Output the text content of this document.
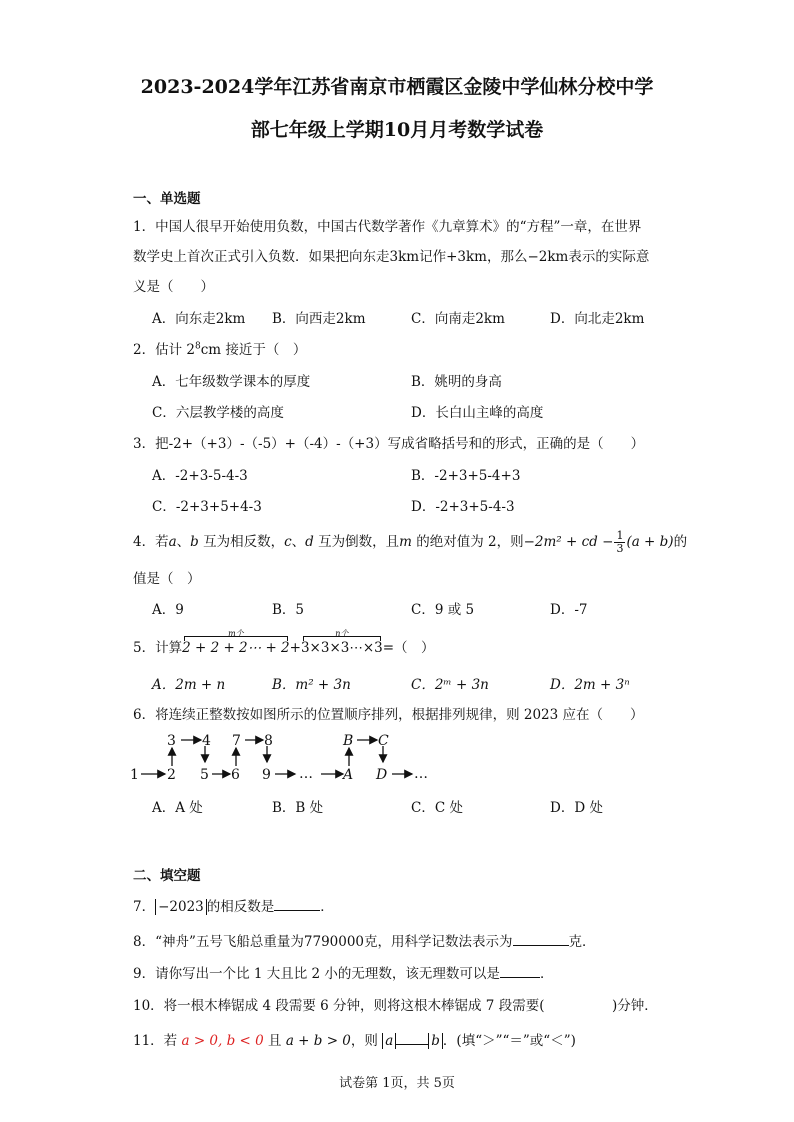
2023-2024学年江苏省南京市栖霞区金陵中学仙林分校中学
部七年级上学期10月月考数学试卷
一、单选题
1．中国人很早开始使用负数，中国古代数学著作《九章算术》的“方程”一章，在世界
数学史上首次正式引入负数．如果把向东走3km记作+3km，那么−2km表示的实际意
义是（　　）
A．向东走2km B．向西走2km	C．向南走2km	D．向北走2km
2．估计 $2^8cm$ 接近于（　）
A．七年级数学课本的厚度	B．姚明的身高
C．六层教学楼的高度	D．长白山主峰的高度
3．把-2+（+3）-（-5）+（-4）-（+3）写成省略括号和的形式，正确的是（　　）
A．-2+3-5-4-3	B．-2+3+5-4+3
C．-2+3+5+4-3	D．-2+3+5-4-3
4．若a、b 互为相反数，c、d 互为倒数，且m 的绝对值为 2，则−2m² + cd − $\frac{1}{3} (a + b)$的
值是（　）
A．9	B．5	C．9 或 5	D．-7
5．计算
m个
2 + 2 + 2⋯ + 2+
n个
3×3×3⋯×3=（　）
A．2m + n	B．m² + 3n	C．2ᵐ + 3n	D．2m + 3ⁿ
6．将连续正整数按如图所示的位置顺序排列，根据排列规律，则 2023 应在（　　）
1 2
3 4
5 6
7 8
9 … A
B C
D …
A．A 处	B．B 处	C．C 处	D．D 处
二、填空题
7． −2023 的相反数是	．
8．“神舟”五号飞船总重量为7790000克，用科学记数法表示为	克．
9．请你写出一个比 1 大且比 2 小的无理数，该无理数可以是	．
10．将一根木棒锯成 4 段需要 6 分钟，则将这根木棒锯成 7 段需要(　　　　　)分钟．
11．若 a > 0, b < 0 且 a + b > 0，则 a	b ．(填“＞”“＝”或“＜”)
试卷第 1页，共 5页
